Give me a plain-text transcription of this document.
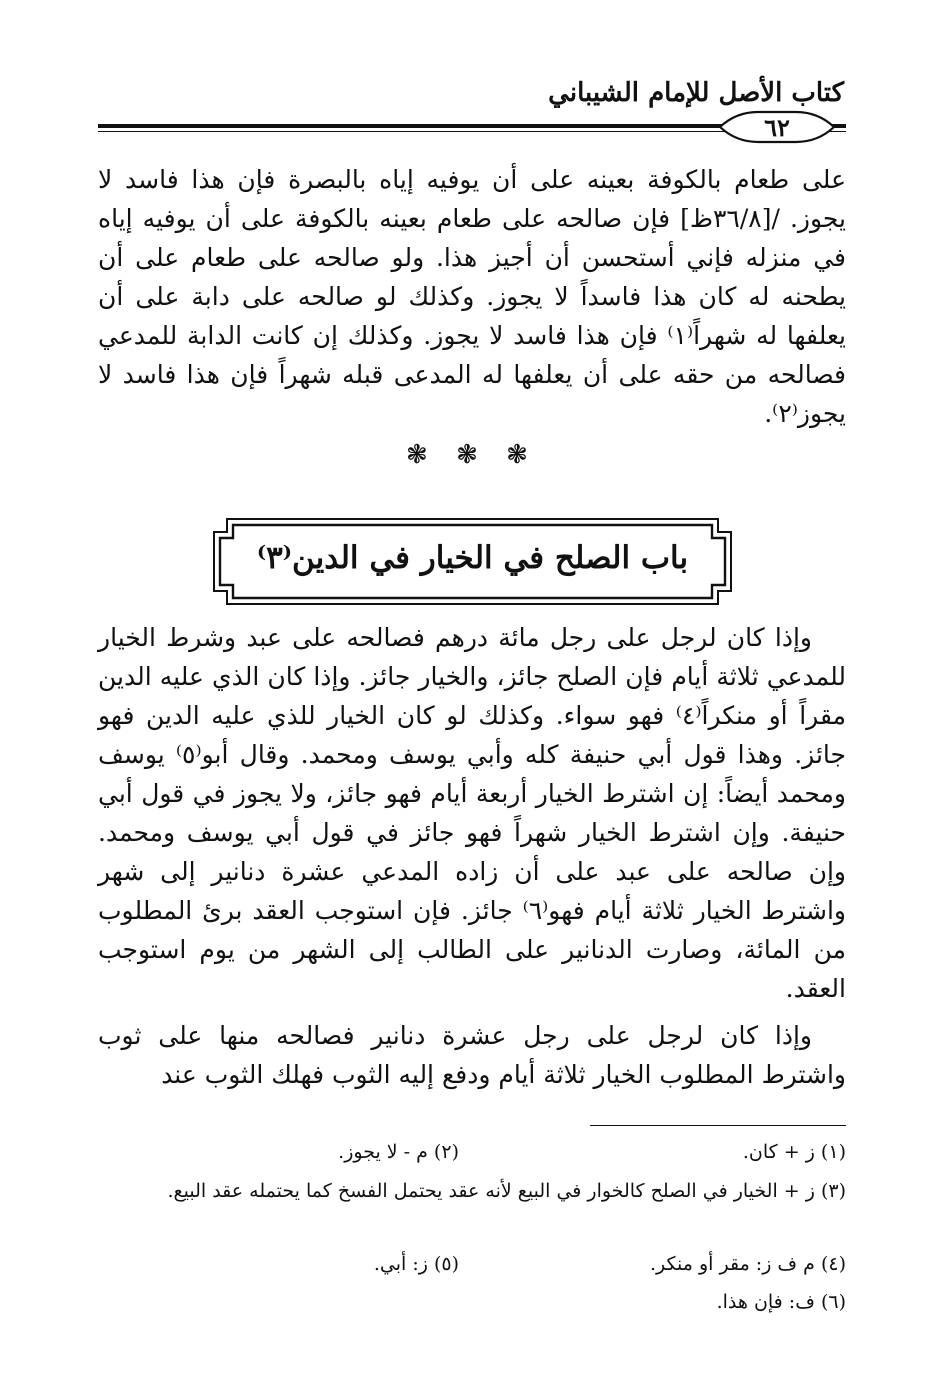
كتاب الأصل للإمام الشيباني
٦٢

على طعام بالكوفة بعينه على أن يوفيه إياه بالبصرة فإن هذا فاسد لا يجوز. /[٣٦/٨ظ] فإن صالحه على طعام بعينه بالكوفة على أن يوفيه إياه في منزله فإني أستحسن أن أجيز هذا. ولو صالحه على طعام على أن يطحنه له كان هذا فاسداً لا يجوز. وكذلك لو صالحه على دابة على أن يعلفها له شهراً⁽١⁾ فإن هذا فاسد لا يجوز. وكذلك إن كانت الدابة للمدعي فصالحه من حقه على أن يعلفها له المدعى قبله شهراً فإن هذا فاسد لا يجوز⁽٢⁾.

❃ ❃ ❃
باب الصلح في الخيار في الدين⁽٣⁾

وإذا كان لرجل على رجل مائة درهم فصالحه على عبد وشرط الخيار للمدعي ثلاثة أيام فإن الصلح جائز، والخيار جائز. وإذا كان الذي عليه الدين مقراً أو منكراً⁽٤⁾ فهو سواء. وكذلك لو كان الخيار للذي عليه الدين فهو جائز. وهذا قول أبي حنيفة كله وأبي يوسف ومحمد. وقال أبو⁽٥⁾ يوسف ومحمد أيضاً: إن اشترط الخيار أربعة أيام فهو جائز، ولا يجوز في قول أبي حنيفة. وإن اشترط الخيار شهراً فهو جائز في قول أبي يوسف ومحمد. وإن صالحه على عبد على أن زاده المدعي عشرة دنانير إلى شهر واشترط الخيار ثلاثة أيام فهو⁽٦⁾ جائز. فإن استوجب العقد برئ المطلوب من المائة، وصارت الدنانير على الطالب إلى الشهر من يوم استوجب العقد.

وإذا كان لرجل على رجل عشرة دنانير فصالحه منها على ثوب واشترط المطلوب الخيار ثلاثة أيام ودفع إليه الثوب فهلك الثوب عند

(١) ز + كان.
(٢) م - لا يجوز.
(٣) ز + الخيار في الصلح كالخوار في البيع لأنه عقد يحتمل الفسخ كما يحتمله عقد البيع.
(٤) م ف ز: مقر أو منكر.
(٥) ز: أبي.
(٦) ف: فإن هذا.
